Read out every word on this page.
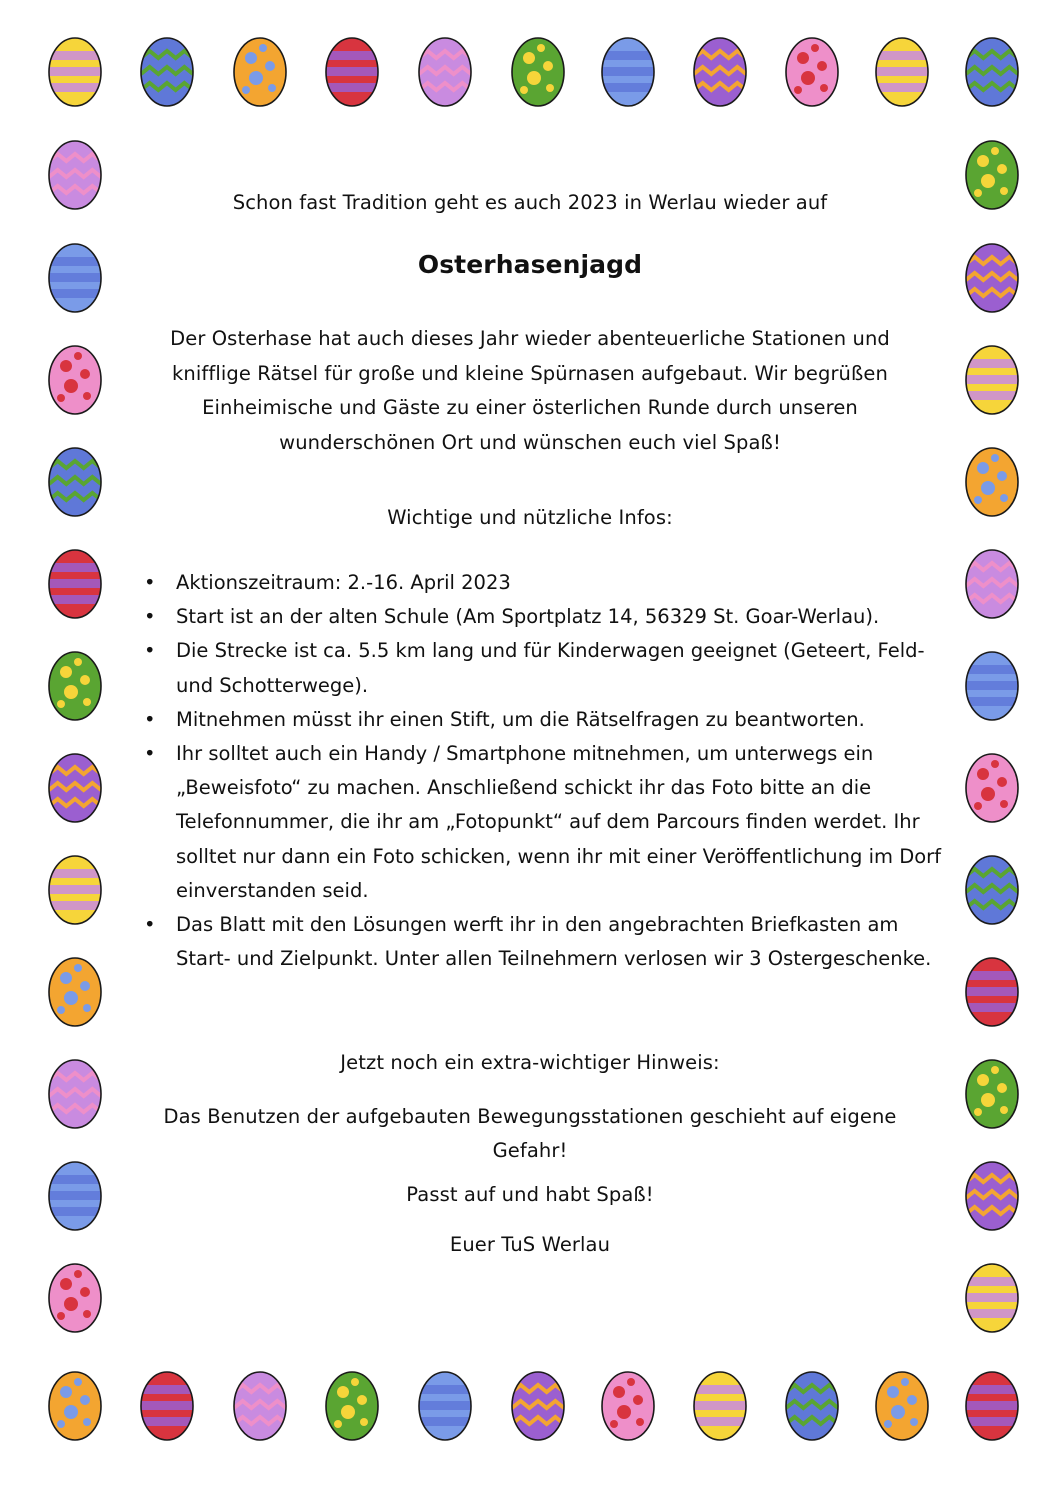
Schon fast Tradition geht es auch 2023 in Werlau wieder auf

Osterhasenjagd

Der Osterhase hat auch dieses Jahr wieder abenteuerliche Stationen und knifflige Rätsel für große und kleine Spürnasen aufgebaut. Wir begrüßen Einheimische und Gäste zu einer österlichen Runde durch unseren wunderschönen Ort und wünschen euch viel Spaß!

Wichtige und nützliche Infos:

• Aktionszeitraum: 2.-16. April 2023
• Start ist an der alten Schule (Am Sportplatz 14, 56329 St. Goar-Werlau).
• Die Strecke ist ca. 5.5 km lang und für Kinderwagen geeignet (Geteert, Feld- und Schotterwege).
• Mitnehmen müsst ihr einen Stift, um die Rätselfragen zu beantworten.
• Ihr solltet auch ein Handy / Smartphone mitnehmen, um unterwegs ein „Beweisfoto“ zu machen. Anschließend schickt ihr das Foto bitte an die Telefonnummer, die ihr am „Fotopunkt“ auf dem Parcours finden werdet. Ihr solltet nur dann ein Foto schicken, wenn ihr mit einer Veröffentlichung im Dorf einverstanden seid.
• Das Blatt mit den Lösungen werft ihr in den angebrachten Briefkasten am Start- und Zielpunkt. Unter allen Teilnehmern verlosen wir 3 Ostergeschenke.

Jetzt noch ein extra-wichtiger Hinweis:

Das Benutzen der aufgebauten Bewegungsstationen geschieht auf eigene Gefahr!

Passt auf und habt Spaß!

Euer TuS Werlau
